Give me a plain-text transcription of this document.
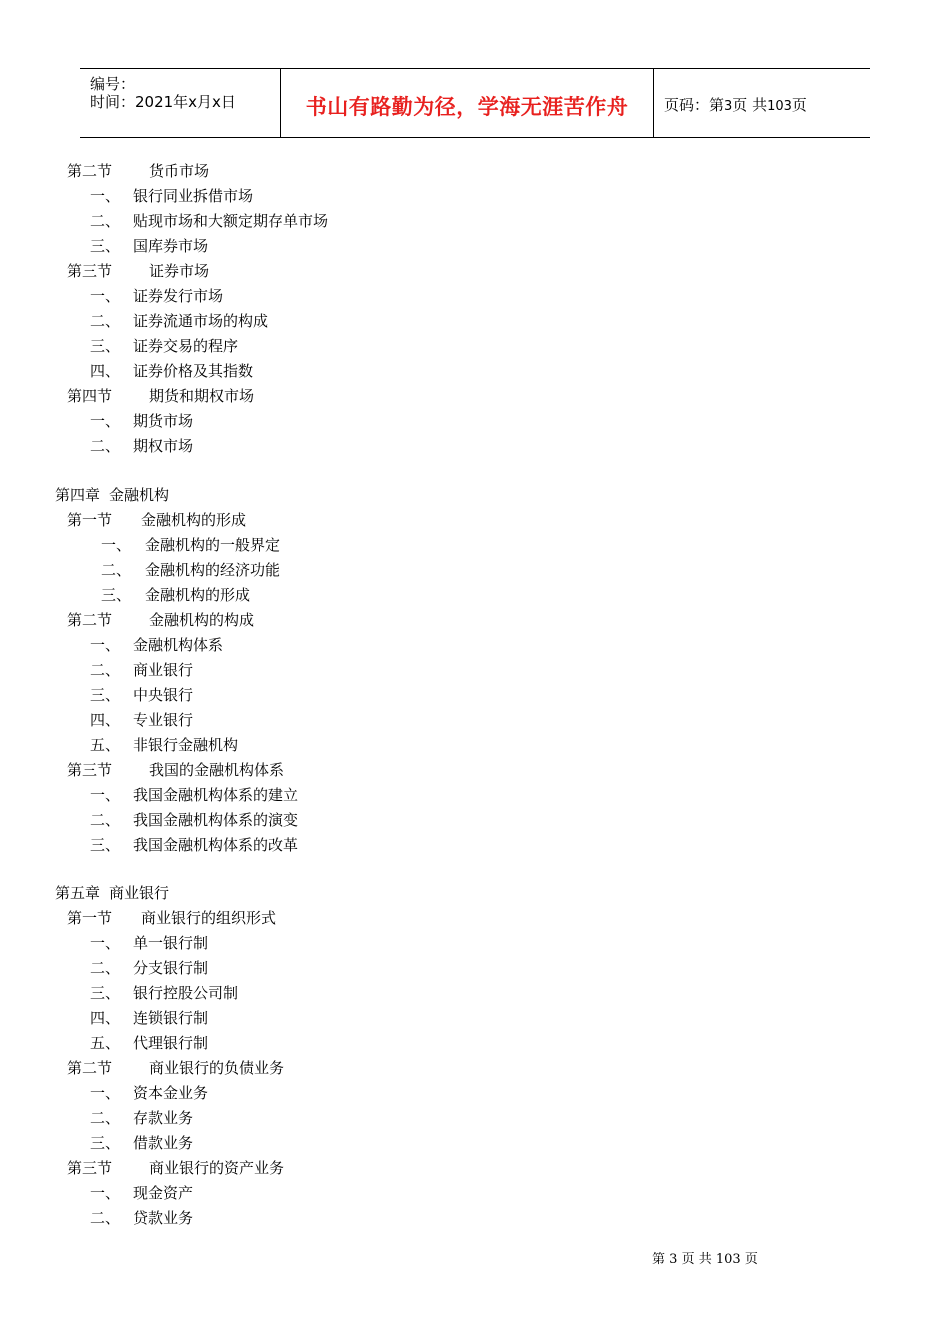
编号：
时间：2021年x月x日	书山有路勤为径，学海无涯苦作舟	页码：第3页 共103页
第二节 货币市场
一、 银行同业拆借市场
二、 贴现市场和大额定期存单市场
三、 国库券市场
第三节 证券市场
一、 证券发行市场
二、 证券流通市场的构成
三、 证券交易的程序
四、 证券价格及其指数
第四节 期货和期权市场
一、 期货市场
二、 期权市场
第四章 金融机构
第一节 金融机构的形成
一、 金融机构的一般界定
二、 金融机构的经济功能
三、 金融机构的形成
第二节 金融机构的构成
一、 金融机构体系
二、 商业银行
三、 中央银行
四、 专业银行
五、 非银行金融机构
第三节 我国的金融机构体系
一、 我国金融机构体系的建立
二、 我国金融机构体系的演变
三、 我国金融机构体系的改革
第五章 商业银行
第一节 商业银行的组织形式
一、 单一银行制
二、 分支银行制
三、 银行控股公司制
四、 连锁银行制
五、 代理银行制
第二节 商业银行的负债业务
一、 资本金业务
二、 存款业务
三、 借款业务
第三节 商业银行的资产业务
一、 现金资产
二、 贷款业务
第 3 页 共 103 页
